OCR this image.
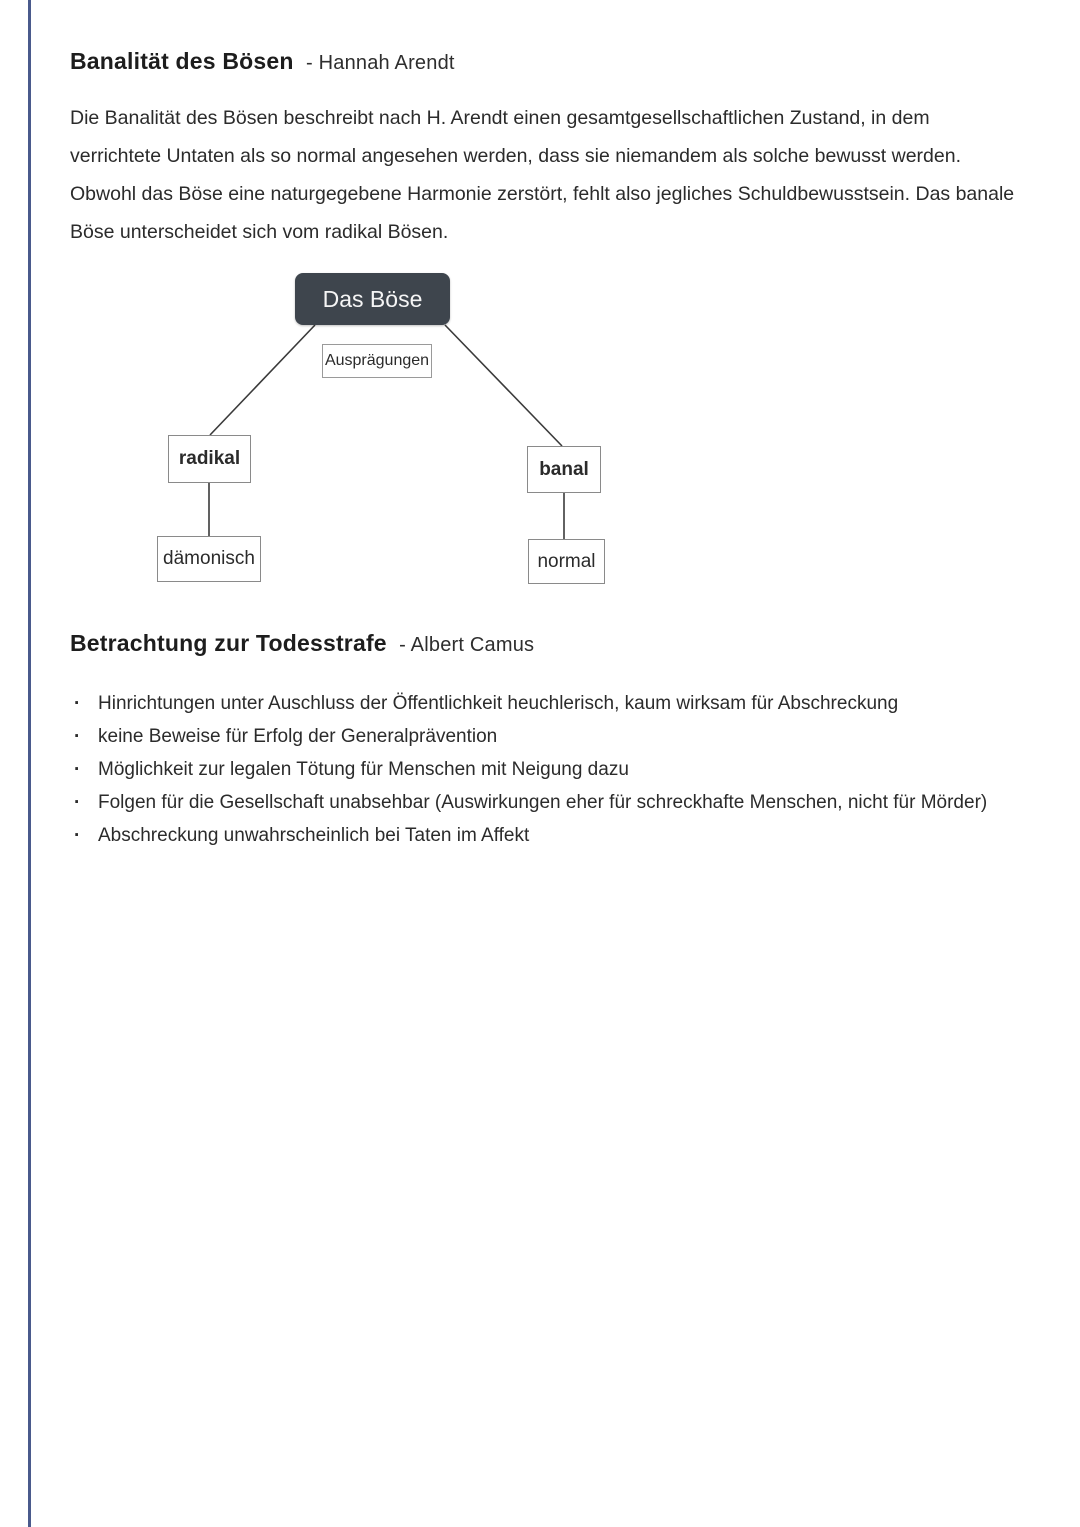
Banalität des Bösen - Hannah Arendt

Die Banalität des Bösen beschreibt nach H. Arendt einen gesamtgesellschaftlichen Zustand, in dem verrichtete Untaten als so normal angesehen werden, dass sie niemandem als solche bewusst werden. Obwohl das Böse eine naturgegebene Harmonie zerstört, fehlt also jegliches Schuldbewusstsein. Das banale Böse unterscheidet sich vom radikal Bösen.

Das Böse
Ausprägungen
radikal	banal
dämonisch	normal
Betrachtung zur Todesstrafe - Albert Camus
· Hinrichtungen unter Auschluss der Öffentlichkeit heuchlerisch, kaum wirksam für Abschreckung
· keine Beweise für Erfolg der Generalprävention
· Möglichkeit zur legalen Tötung für Menschen mit Neigung dazu
· Folgen für die Gesellschaft unabsehbar (Auswirkungen eher für schreckhafte Menschen, nicht für Mörder)
· Abschreckung unwahrscheinlich bei Taten im Affekt
